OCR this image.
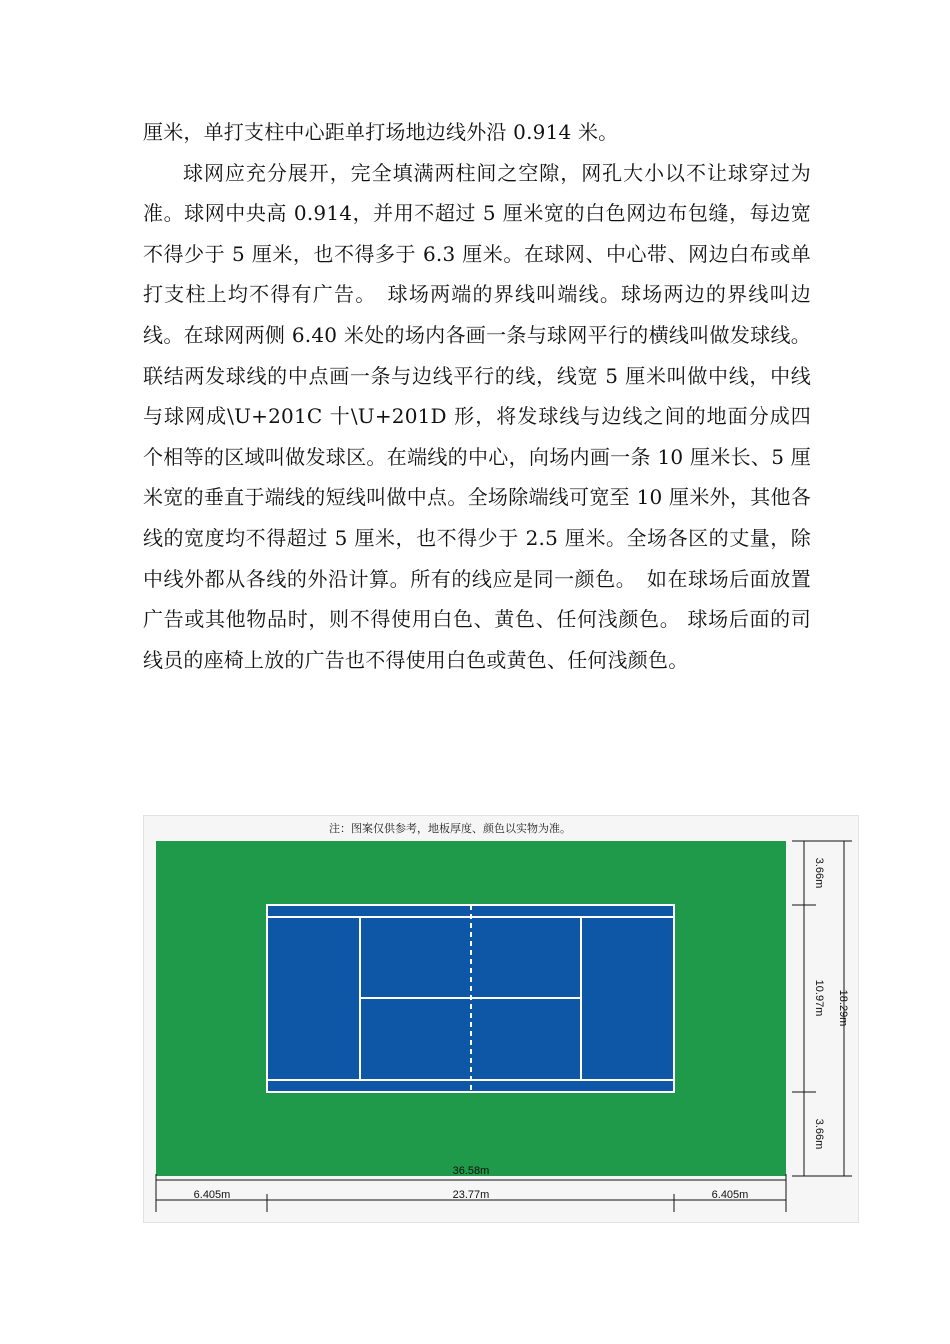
厘米，单打支柱中心距单打场地边线外沿 0.914 米。

球网应充分展开，完全填满两柱间之空隙，网孔大小以不让球穿过为准。球网中央高 0.914，并用不超过 5 厘米宽的白色网边布包缝，每边宽不得少于 5 厘米，也不得多于 6.3 厘米。在球网、中心带、网边白布或单打支柱上均不得有广告。　球场两端的界线叫端线。球场两边的界线叫边线。在球网两侧 6.40 米处的场内各画一条与球网平行的横线叫做发球线。联结两发球线的中点画一条与边线平行的线，线宽 5 厘米叫做中线，中线与球网成\U+201C 十\U+201D 形，将发球线与边线之间的地面分成四个相等的区域叫做发球区。在端线的中心，向场内画一条 10 厘米长、5 厘米宽的垂直于端线的短线叫做中点。全场除端线可宽至 10 厘米外，其他各线的宽度均不得超过 5 厘米，也不得少于 2.5 厘米。全场各区的丈量，除中线外都从各线的外沿计算。所有的线应是同一颜色。　如在球场后面放置广告或其他物品时，则不得使用白色、黄色、任何浅颜色。 球场后面的司线员的座椅上放的广告也不得使用白色或黄色、任何浅颜色。

注：图案仅供参考，地板厚度、颜色以实物为准。
3.66m
10.97m
3.66m
18.29m
36.58m
6.405m	23.77m	6.405m
